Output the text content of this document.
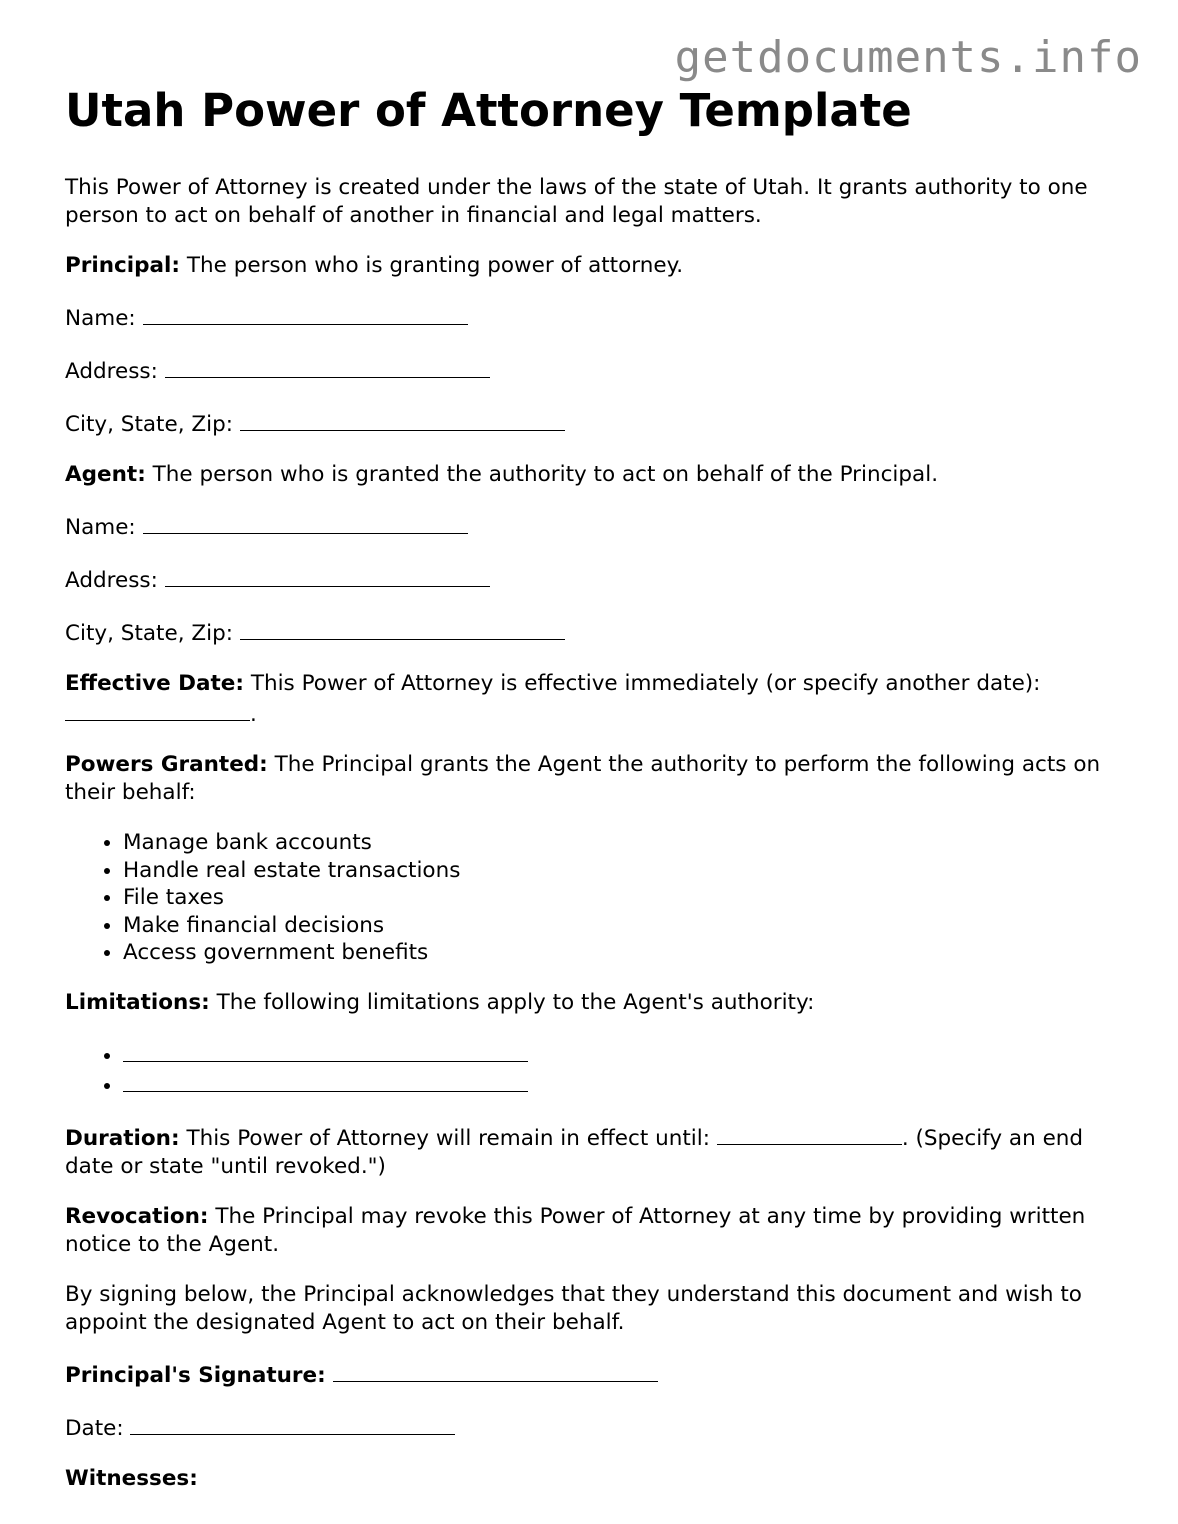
getdocuments.info
Utah Power of Attorney Template

This Power of Attorney is created under the laws of the state of Utah. It grants authority to one person to act on behalf of another in financial and legal matters.

Principal: The person who is granting power of attorney.

Name:

Address:

City, State, Zip:

Agent: The person who is granted the authority to act on behalf of the Principal.

Name:

Address:

City, State, Zip:

Effective Date: This Power of Attorney is effective immediately (or specify another date): .

Powers Granted: The Principal grants the Agent the authority to perform the following acts on their behalf:

• Manage bank accounts
• Handle real estate transactions
• File taxes
• Make financial decisions
• Access government benefits

Limitations: The following limitations apply to the Agent's authority:

•
•

Duration: This Power of Attorney will remain in effect until:	. (Specify an end date or state "until revoked.")

Revocation: The Principal may revoke this Power of Attorney at any time by providing written notice to the Agent.

By signing below, the Principal acknowledges that they understand this document and wish to appoint the designated Agent to act on their behalf.

Principal's Signature:

Date:

Witnesses:
